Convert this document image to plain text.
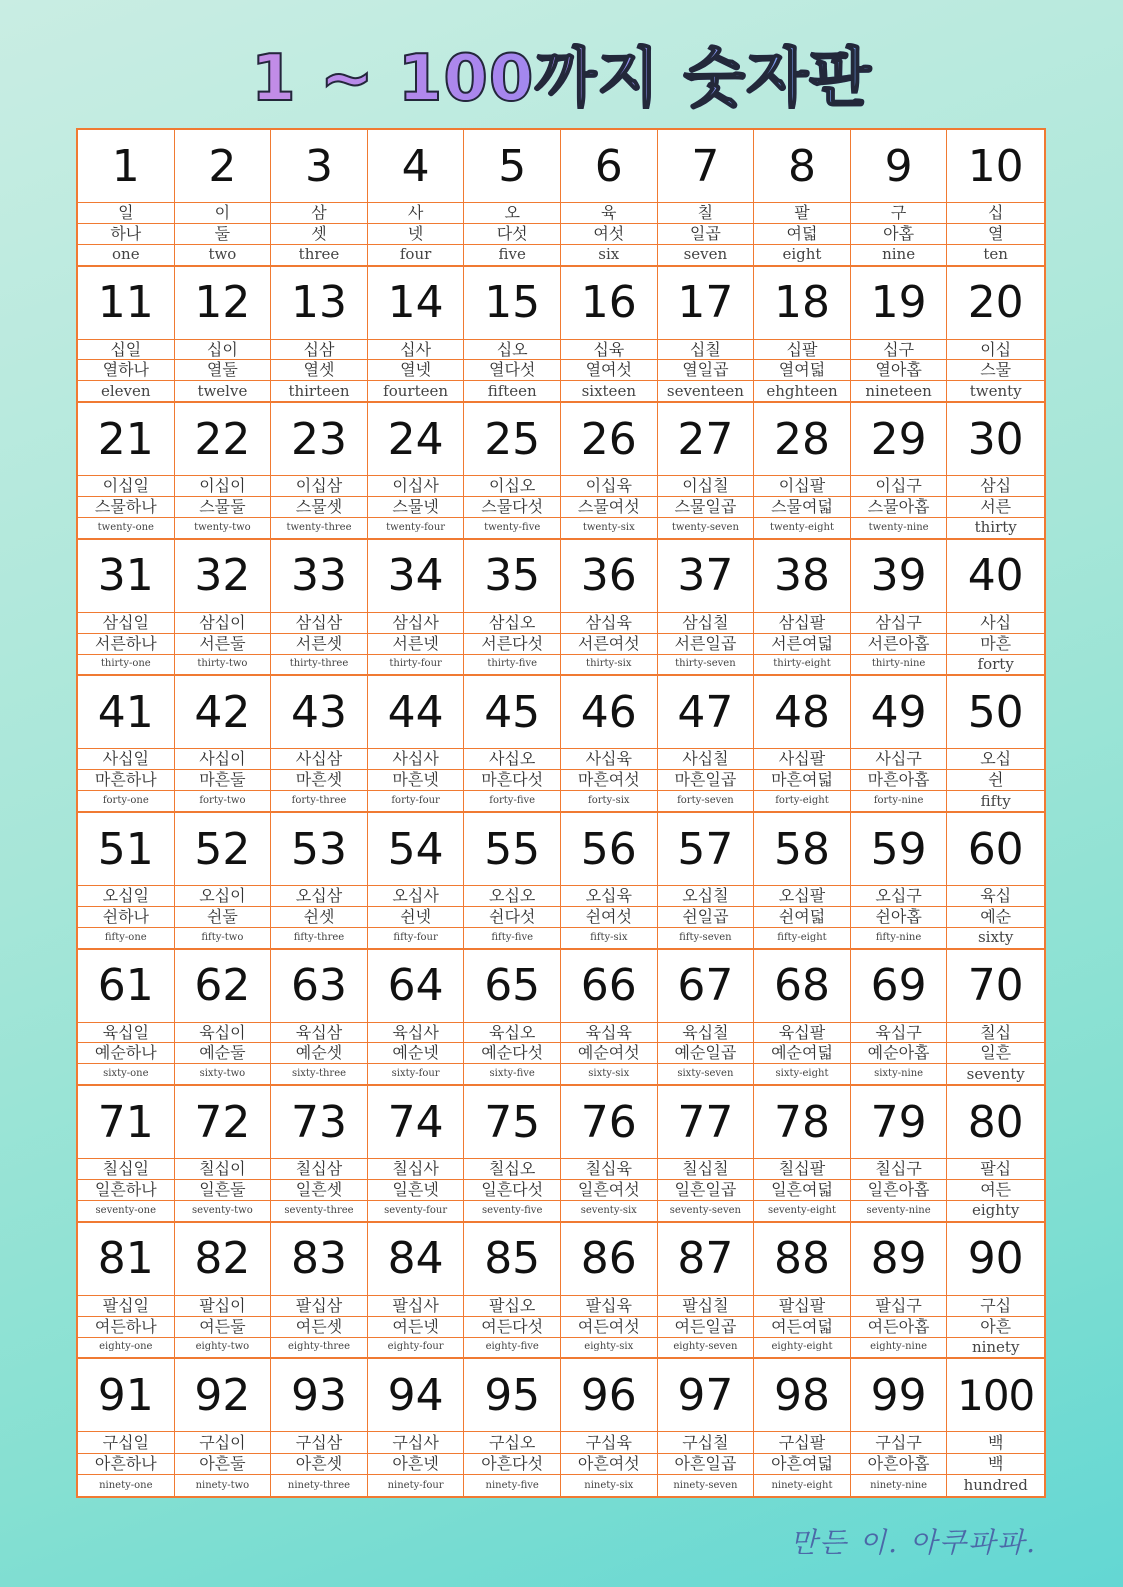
1 ~ 100까지 숫자판
1
일
하나
one
2
이
둘
two
3
삼
셋
three
4
사
넷
four
5
오
다섯
five
6
육
여섯
six
7
칠
일곱
seven
8
팔
여덟
eight
9
구
아홉
nine
10
십
열
ten
11
십일
열하나
eleven
12
십이
열둘
twelve
13
십삼
열셋
thirteen
14
십사
열넷
fourteen
15
십오
열다섯
fifteen
16
십육
열여섯
sixteen
17
십칠
열일곱
seventeen
18
십팔
열여덟
ehghteen
19
십구
열아홉
nineteen
20
이십
스물
twenty
21
이십일
스물하나
twenty-one
22
이십이
스물둘
twenty-two
23
이십삼
스물셋
twenty-three
24
이십사
스물넷
twenty-four
25
이십오
스물다섯
twenty-five
26
이십육
스물여섯
twenty-six
27
이십칠
스물일곱
twenty-seven
28
이십팔
스물여덟
twenty-eight
29
이십구
스물아홉
twenty-nine
30
삼십
서른
thirty
31
삼십일
서른하나
thirty-one
32
삼십이
서른둘
thirty-two
33
삼십삼
서른셋
thirty-three
34
삼십사
서른넷
thirty-four
35
삼십오
서른다섯
thirty-five
36
삼십육
서른여섯
thirty-six
37
삼십칠
서른일곱
thirty-seven
38
삼십팔
서른여덟
thirty-eight
39
삼십구
서른아홉
thirty-nine
40
사십
마흔
forty
41
사십일
마흔하나
forty-one
42
사십이
마흔둘
forty-two
43
사십삼
마흔셋
forty-three
44
사십사
마흔넷
forty-four
45
사십오
마흔다섯
forty-five
46
사십육
마흔여섯
forty-six
47
사십칠
마흔일곱
forty-seven
48
사십팔
마흔여덟
forty-eight
49
사십구
마흔아홉
forty-nine
50
오십
쉰
fifty
51
오십일
쉰하나
fifty-one
52
오십이
쉰둘
fifty-two
53
오십삼
쉰셋
fifty-three
54
오십사
쉰넷
fifty-four
55
오십오
쉰다섯
fifty-five
56
오십육
쉰여섯
fifty-six
57
오십칠
쉰일곱
fifty-seven
58
오십팔
쉰여덟
fifty-eight
59
오십구
쉰아홉
fifty-nine
60
육십
예순
sixty
61
육십일
예순하나
sixty-one
62
육십이
예순둘
sixty-two
63
육십삼
예순셋
sixty-three
64
육십사
예순넷
sixty-four
65
육십오
예순다섯
sixty-five
66
육십육
예순여섯
sixty-six
67
육십칠
예순일곱
sixty-seven
68
육십팔
예순여덟
sixty-eight
69
육십구
예순아홉
sixty-nine
70
칠십
일흔
seventy
71
칠십일
일흔하나
seventy-one
72
칠십이
일흔둘
seventy-two
73
칠십삼
일흔셋
seventy-three
74
칠십사
일흔넷
seventy-four
75
칠십오
일흔다섯
seventy-five
76
칠십육
일흔여섯
seventy-six
77
칠십칠
일흔일곱
seventy-seven
78
칠십팔
일흔여덟
seventy-eight
79
칠십구
일흔아홉
seventy-nine
80
팔십
여든
eighty
81
팔십일
여든하나
eighty-one
82
팔십이
여든둘
eighty-two
83
팔십삼
여든셋
eighty-three
84
팔십사
여든넷
eighty-four
85
팔십오
여든다섯
eighty-five
86
팔십육
여든여섯
eighty-six
87
팔십칠
여든일곱
eighty-seven
88
팔십팔
여든여덟
eighty-eight
89
팔십구
여든아홉
eighty-nine
90
구십
아흔
ninety
91
구십일
아흔하나
ninety-one
92
구십이
아흔둘
ninety-two
93
구십삼
아흔셋
ninety-three
94
구십사
아흔넷
ninety-four
95
구십오
아흔다섯
ninety-five
96
구십육
아흔여섯
ninety-six
97
구십칠
아흔일곱
ninety-seven
98
구십팔
아흔여덟
ninety-eight
99
구십구
아흔아홉
ninety-nine
100
백
백
hundred
만든 이. 아쿠파파.
